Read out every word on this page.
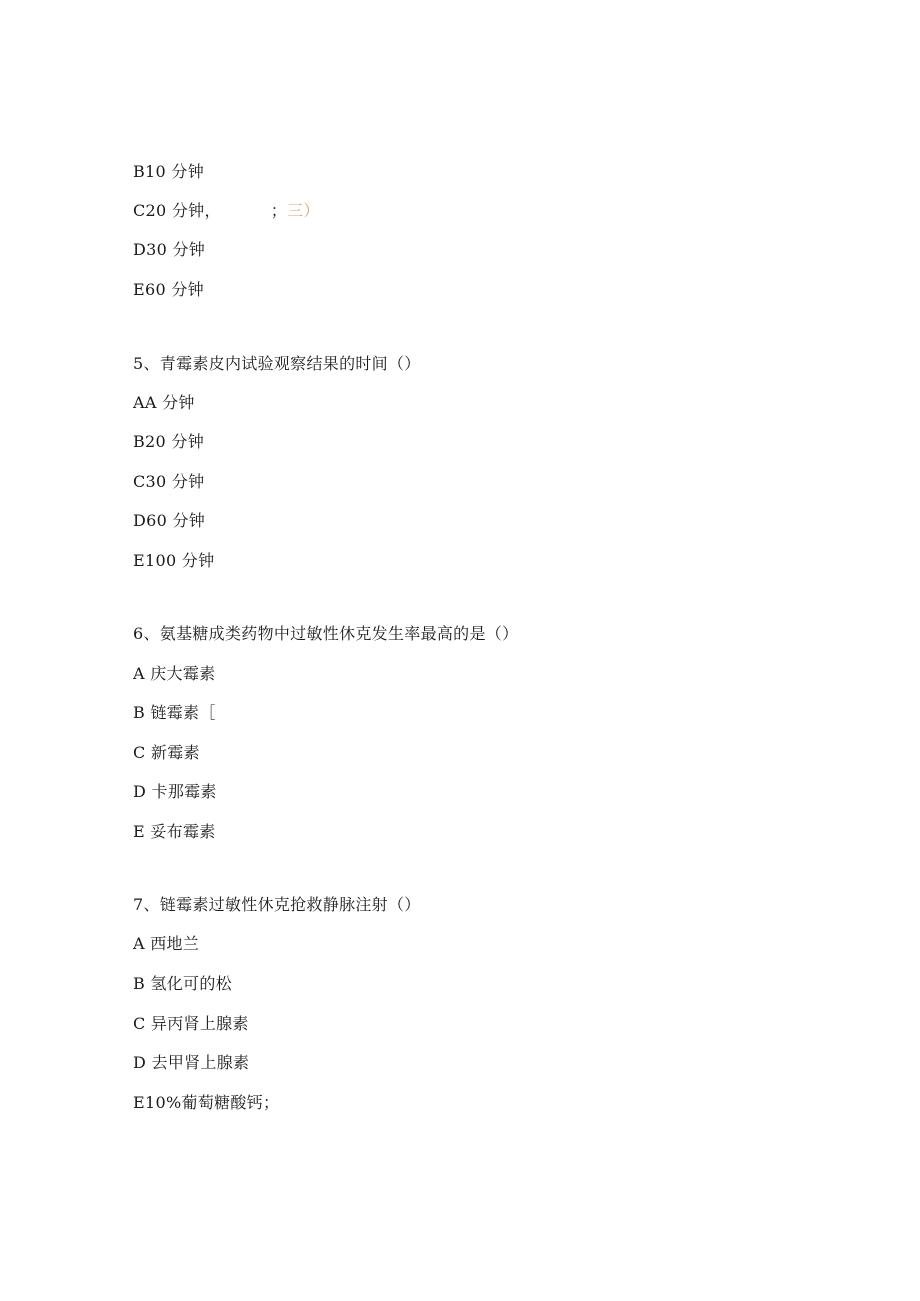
B10 分钟
C20 分钟，	；三）
D30 分钟
E60 分钟
5、青霉素皮内试验观察结果的时间（）
AA 分钟
B20 分钟
C30 分钟
D60 分钟
E100 分钟
6、氨基糖成类药物中过敏性休克发生率最高的是（）
A 庆大霉素
B 链霉素［
C 新霉素
D 卡那霉素
E 妥布霉素
7、链霉素过敏性休克抢救静脉注射（）
A 西地兰
B 氢化可的松
C 异丙肾上腺素
D 去甲肾上腺素
E10%葡萄糖酸钙；
